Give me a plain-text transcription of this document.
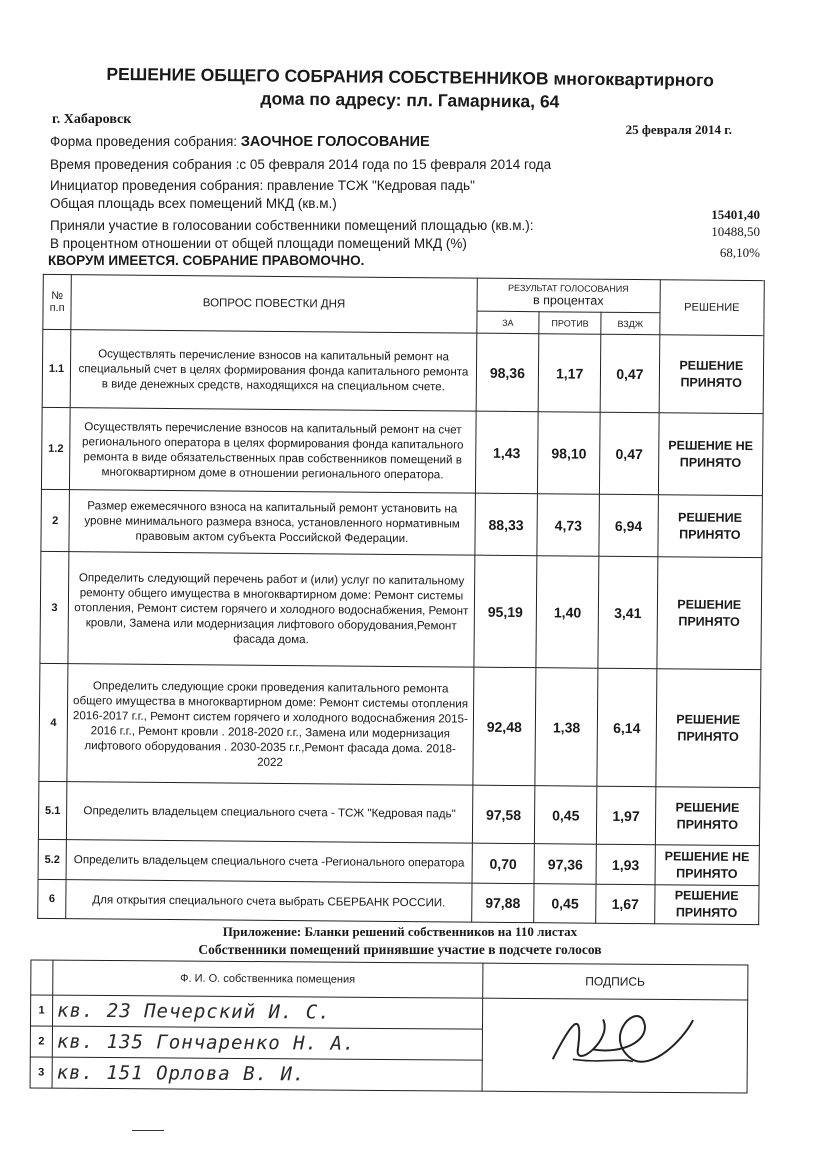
РЕШЕНИЕ ОБЩЕГО СОБРАНИЯ СОБСТВЕННИКОВ многоквартирного
дома по адресу: пл. Гамарника, 64
г. Хабаровск
25 февраля 2014 г.
Форма проведения собрания: ЗАОЧНОЕ ГОЛОСОВАНИЕ
Время проведения собрания :с 05 февраля 2014 года по 15 февраля 2014 года
Инициатор проведения собрания: правление ТСЖ "Кедровая падь"
Общая площадь всех помещений МКД (кв.м.)
15401,40
Приняли участие в голосовании собственники помещений площадью (кв.м.):	10488,50
В процентном отношении от общей площади помещений МКД (%)
68,10%
КВОРУМ ИМЕЕТСЯ. СОБРАНИЕ ПРАВОМОЧНО.
№ п.п	ВОПРОС ПОВЕСТКИ ДНЯ	РЕЗУЛЬТАТ ГОЛОСОВАНИЯ
в процентах			РЕШЕНИЕ
		ЗА	ПРОТИВ	ВЗДЖ	
1.1	Осуществлять перечисление взносов на капитальный ремонт на специальный счет в целях формирования фонда капитального ремонта в виде денежных средств, находящихся на специальном счете.	98,36	1,17	0,47	РЕШЕНИЕ ПРИНЯТО
1.2	Осуществлять перечисление взносов на капитальный ремонт на счет регионального оператора в целях формирования фонда капитального ремонта в виде обязательственных прав собственников помещений в многоквартирном доме в отношении регионального оператора.	1,43	98,10	0,47	РЕШЕНИЕ НЕ ПРИНЯТО
2	Размер ежемесячного взноса на капитальный ремонт установить на уровне минимального размера взноса, установленного нормативным правовым актом субъекта Российской Федерации.	88,33	4,73	6,94	РЕШЕНИЕ ПРИНЯТО
3	Определить следующий перечень работ и (или) услуг по капитальному ремонту общего имущества в многоквартирном доме: Ремонт системы отопления, Ремонт систем горячего и холодного водоснабжения, Ремонт кровли, Замена или модернизация лифтового оборудования,Ремонт фасада дома.	95,19	1,40	3,41	РЕШЕНИЕ ПРИНЯТО
4	Определить следующие сроки проведения капитального ремонта общего имущества в многоквартирном доме: Ремонт системы отопления 2016-2017 г.г., Ремонт систем горячего и холодного водоснабжения 2015-2016 г.г., Ремонт кровли . 2018-2020 г.г., Замена или модернизация лифтового оборудования . 2030-2035 г.г.,Ремонт фасада дома. 2018-2022	92,48	1,38	6,14	РЕШЕНИЕ ПРИНЯТО
5.1	Определить владельцем специального счета - ТСЖ "Кедровая падь"	97,58	0,45	1,97	РЕШЕНИЕ ПРИНЯТО
5.2	Определить владельцем специального счета -Регионального оператора	0,70	97,36	1,93	РЕШЕНИЕ НЕ ПРИНЯТО
6	Для открытия специального счета выбрать СБЕРБАНК РОССИИ.	97,88	0,45	1,67	РЕШЕНИЕ ПРИНЯТО
Приложение: Бланки решений собственников на 110 листах
Собственники помещений принявшие участие в подсчете голосов
	Ф. И. О. собственника помещения	ПОДПИСЬ
1	кв. 23 Печерский И. С.	

2	кв. 135 Гончаренко Н. А.	
3	кв. 151 Орлова В. И.	
